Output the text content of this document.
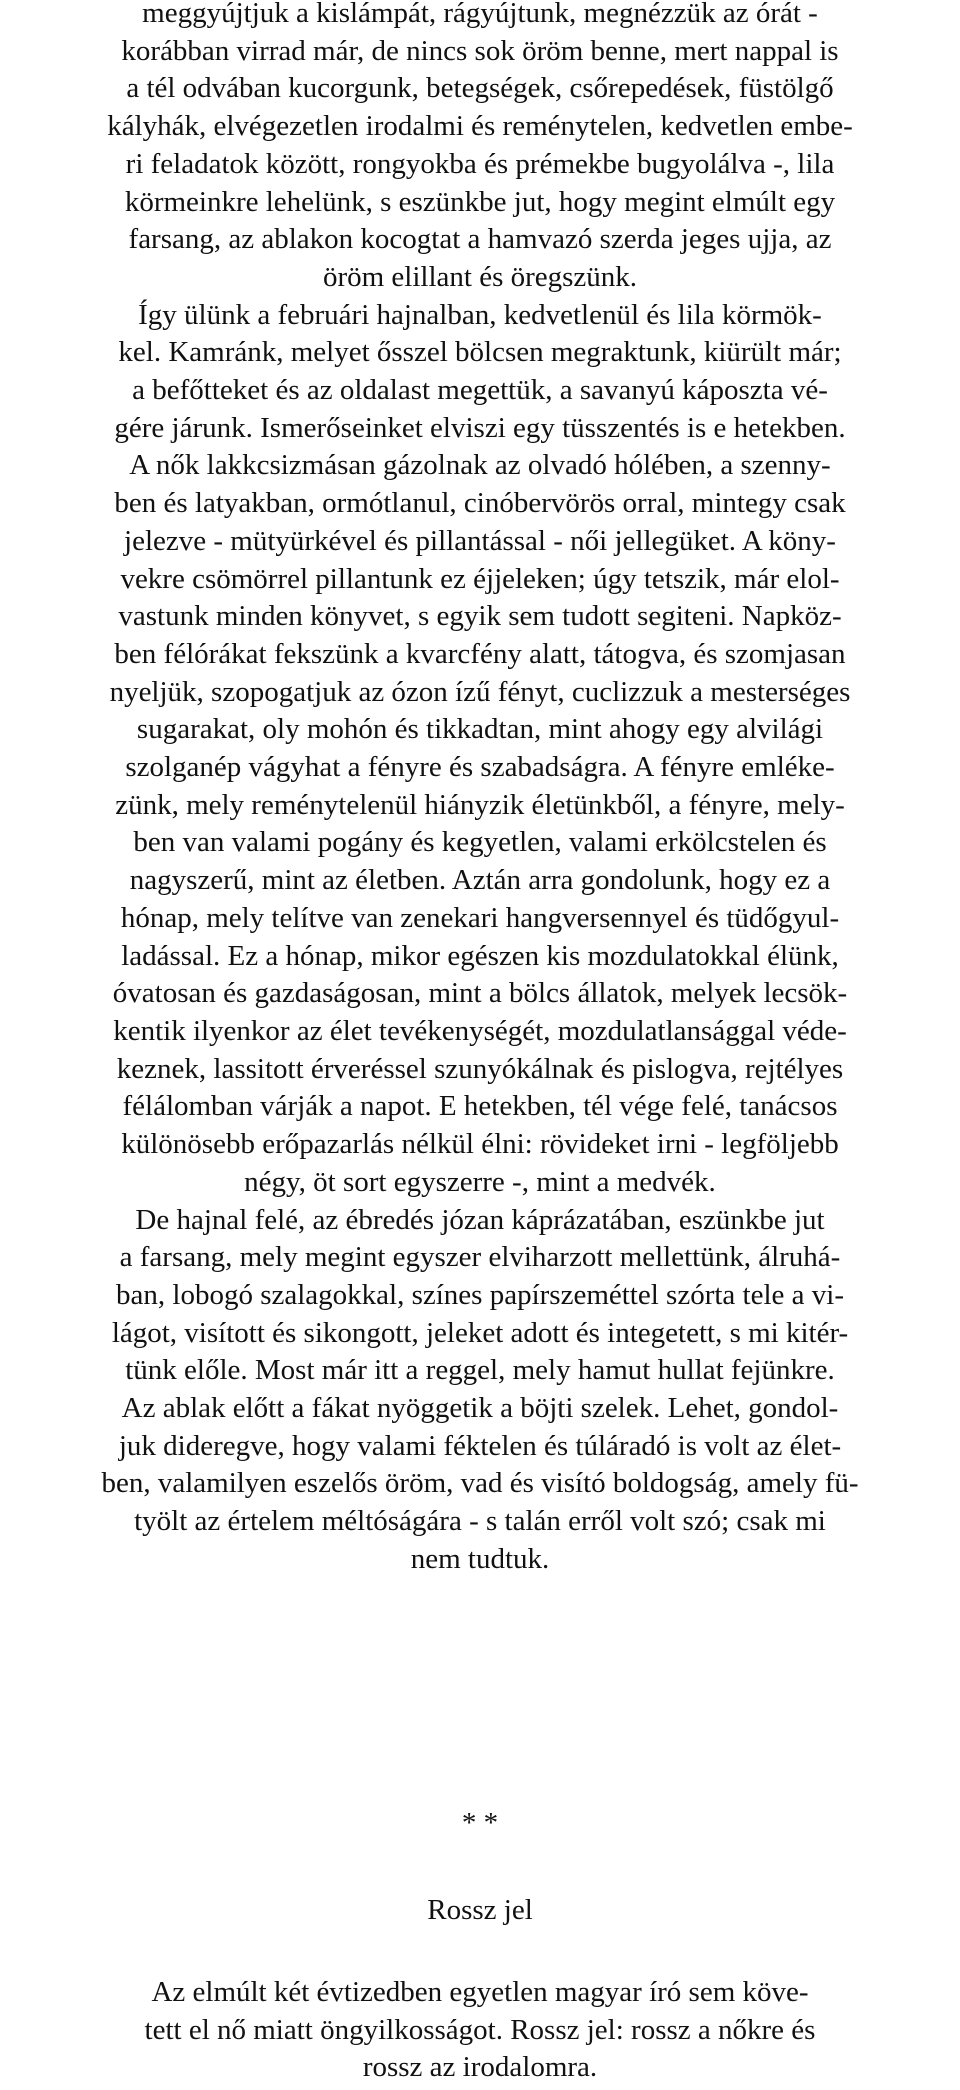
meggyújtjuk a kislámpát, rágyújtunk, megnézzük az órát -
korábban virrad már, de nincs sok öröm benne, mert nappal is
a tél odvában kucorgunk, betegségek, csőrepedések, füstölgő
kályhák, elvégezetlen irodalmi és reménytelen, kedvetlen embe-
ri feladatok között, rongyokba és prémekbe bugyolálva -, lila
körmeinkre lehelünk, s eszünkbe jut, hogy megint elmúlt egy
farsang, az ablakon kocogtat a hamvazó szerda jeges ujja, az
öröm elillant és öregszünk.
Így ülünk a februári hajnalban, kedvetlenül és lila körmök-
kel. Kamránk, melyet ősszel bölcsen megraktunk, kiürült már;
a befőtteket és az oldalast megettük, a savanyú káposzta vé-
gére járunk. Ismerőseinket elviszi egy tüsszentés is e hetekben.
A nők lakkcsizmásan gázolnak az olvadó hólében, a szenny-
ben és latyakban, ormótlanul, cinóbervörös orral, mintegy csak
jelezve - mütyürkével és pillantással - női jellegüket. A köny-
vekre csömörrel pillantunk ez éjjeleken; úgy tetszik, már elol-
vastunk minden könyvet, s egyik sem tudott segiteni. Napköz-
ben félórákat fekszünk a kvarcfény alatt, tátogva, és szomjasan
nyeljük, szopogatjuk az ózon ízű fényt, cuclizzuk a mesterséges
sugarakat, oly mohón és tikkadtan, mint ahogy egy alvilági
szolganép vágyhat a fényre és szabadságra. A fényre emléke-
zünk, mely reménytelenül hiányzik életünkből, a fényre, mely-
ben van valami pogány és kegyetlen, valami erkölcstelen és
nagyszerű, mint az életben. Aztán arra gondolunk, hogy ez a
hónap, mely telítve van zenekari hangversennyel és tüdőgyul-
ladással. Ez a hónap, mikor egészen kis mozdulatokkal élünk,
óvatosan és gazdaságosan, mint a bölcs állatok, melyek lecsök-
kentik ilyenkor az élet tevékenységét, mozdulatlansággal véde-
keznek, lassitott érveréssel szunyókálnak és pislogva, rejtélyes
félálomban várják a napot. E hetekben, tél vége felé, tanácsos
különösebb erőpazarlás nélkül élni: rövideket irni - legföljebb
négy, öt sort egyszerre -, mint a medvék.
De hajnal felé, az ébredés józan káprázatában, eszünkbe jut
a farsang, mely megint egyszer elviharzott mellettünk, álruhá-
ban, lobogó szalagokkal, színes papírszeméttel szórta tele a vi-
lágot, visított és sikongott, jeleket adott és integetett, s mi kitér-
tünk előle. Most már itt a reggel, mely hamut hullat fejünkre.
Az ablak előtt a fákat nyöggetik a böjti szelek. Lehet, gondol-
juk dideregve, hogy valami féktelen és túláradó is volt az élet-
ben, valamilyen eszelős öröm, vad és visító boldogság, amely fü-
työlt az értelem méltóságára - s talán erről volt szó; csak mi
nem tudtuk.
* *
Rossz jel
Az elmúlt két évtizedben egyetlen magyar író sem köve-
tett el nő miatt öngyilkosságot. Rossz jel: rossz a nőkre és
rossz az irodalomra.
